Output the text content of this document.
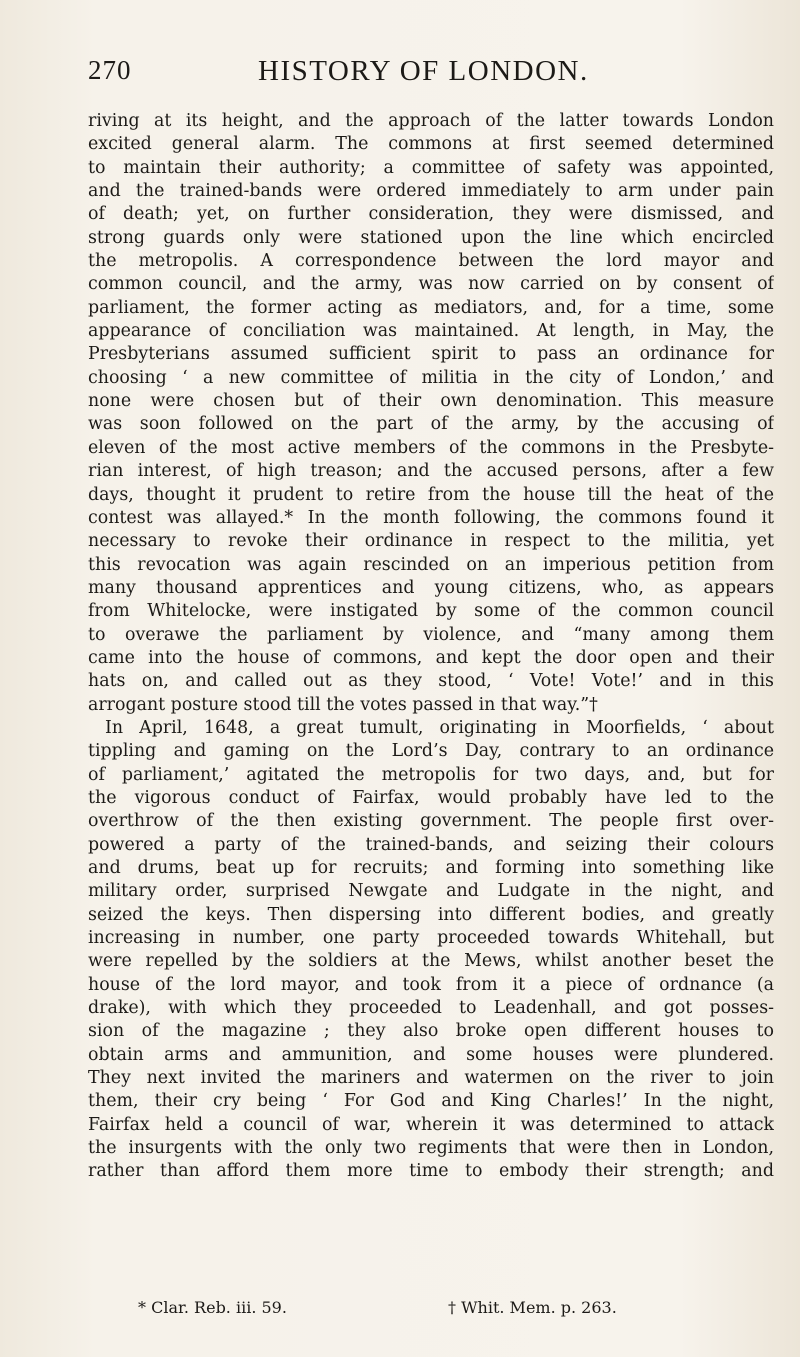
270	HISTORY OF LONDON.
riving at its height, and the approach of the latter towards London
excited general alarm. The commons at first seemed determined
to maintain their authority; a committee of safety was appointed,
and the trained-bands were ordered immediately to arm under pain
of death; yet, on further consideration, they were dismissed, and
strong guards only were stationed upon the line which encircled
the metropolis. A correspondence between the lord mayor and
common council, and the army, was now carried on by consent of
parliament, the former acting as mediators, and, for a time, some
appearance of conciliation was maintained. At length, in May, the
Presbyterians assumed sufficient spirit to pass an ordinance for
choosing ‘ a new committee of militia in the city of London,’ and
none were chosen but of their own denomination. This measure
was soon followed on the part of the army, by the accusing of
eleven of the most active members of the commons in the Presbyte-
rian interest, of high treason; and the accused persons, after a few
days, thought it prudent to retire from the house till the heat of the
contest was allayed.* In the month following, the commons found it
necessary to revoke their ordinance in respect to the militia, yet
this revocation was again rescinded on an imperious petition from
many thousand apprentices and young citizens, who, as appears
from Whitelocke, were instigated by some of the common council
to overawe the parliament by violence, and “many among them
came into the house of commons, and kept the door open and their
hats on, and called out as they stood, ‘ Vote! Vote!’ and in this
arrogant posture stood till the votes passed in that way.”†
In April, 1648, a great tumult, originating in Moorfields, ‘ about
tippling and gaming on the Lord’s Day, contrary to an ordinance
of parliament,’ agitated the metropolis for two days, and, but for
the vigorous conduct of Fairfax, would probably have led to the
overthrow of the then existing government. The people first over-
powered a party of the trained-bands, and seizing their colours
and drums, beat up for recruits; and forming into something like
military order, surprised Newgate and Ludgate in the night, and
seized the keys. Then dispersing into different bodies, and greatly
increasing in number, one party proceeded towards Whitehall, but
were repelled by the soldiers at the Mews, whilst another beset the
house of the lord mayor, and took from it a piece of ordnance (a
drake), with which they proceeded to Leadenhall, and got posses-
sion of the magazine ; they also broke open different houses to
obtain arms and ammunition, and some houses were plundered.
They next invited the mariners and watermen on the river to join
them, their cry being ‘ For God and King Charles!’ In the night,
Fairfax held a council of war, wherein it was determined to attack
the insurgents with the only two regiments that were then in London,
rather than afford them more time to embody their strength; and
* Clar. Reb. iii. 59.	† Whit. Mem. p. 263.
